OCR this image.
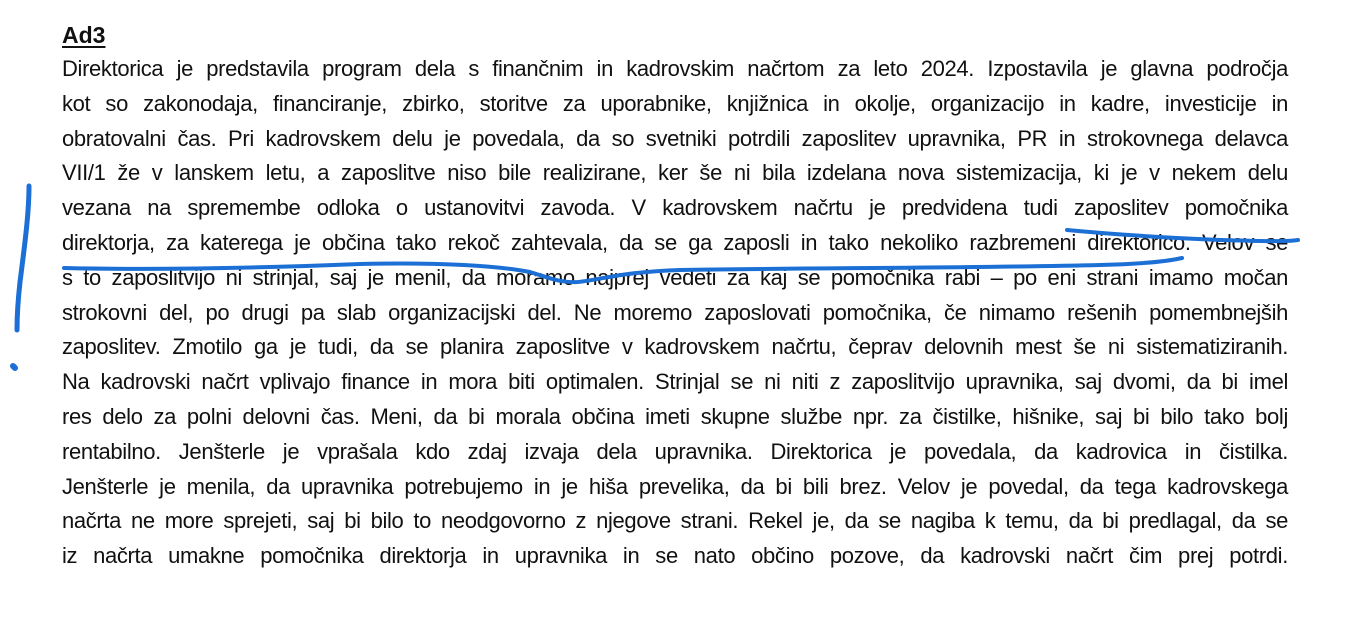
Ad3
Direktorica je predstavila program dela s finančnim in kadrovskim načrtom za leto 2024. Izpostavila je glavna področja
kot so zakonodaja, financiranje, zbirko, storitve za uporabnike, knjižnica in okolje, organizacijo in kadre, investicije in
obratovalni čas. Pri kadrovskem delu je povedala, da so svetniki potrdili zaposlitev upravnika, PR in strokovnega delavca
VII/1 že v lanskem letu, a zaposlitve niso bile realizirane, ker še ni bila izdelana nova sistemizacija, ki je v nekem delu
vezana na spremembe odloka o ustanovitvi zavoda. V kadrovskem načrtu je predvidena tudi zaposlitev pomočnika
direktorja, za katerega je občina tako rekoč zahtevala, da se ga zaposli in tako nekoliko razbremeni direktorico. Velov se
s to zaposlitvijo ni strinjal, saj je menil, da moramo najprej vedeti za kaj se pomočnika rabi – po eni strani imamo močan
strokovni del, po drugi pa slab organizacijski del. Ne moremo zaposlovati pomočnika, če nimamo rešenih pomembnejših
zaposlitev. Zmotilo ga je tudi, da se planira zaposlitve v kadrovskem načrtu, čeprav delovnih mest še ni sistematiziranih.
Na kadrovski načrt vplivajo finance in mora biti optimalen. Strinjal se ni niti z zaposlitvijo upravnika, saj dvomi, da bi imel
res delo za polni delovni čas. Meni, da bi morala občina imeti skupne službe npr. za čistilke, hišnike, saj bi bilo tako bolj
rentabilno. Jenšterle je vprašala kdo zdaj izvaja dela upravnika. Direktorica je povedala, da kadrovica in čistilka.
Jenšterle je menila, da upravnika potrebujemo in je hiša prevelika, da bi bili brez. Velov je povedal, da tega kadrovskega
načrta ne more sprejeti, saj bi bilo to neodgovorno z njegove strani. Rekel je, da se nagiba k temu, da bi predlagal, da se
iz načrta umakne pomočnika direktorja in upravnika in se nato občino pozove, da kadrovski načrt čim prej potrdi.
